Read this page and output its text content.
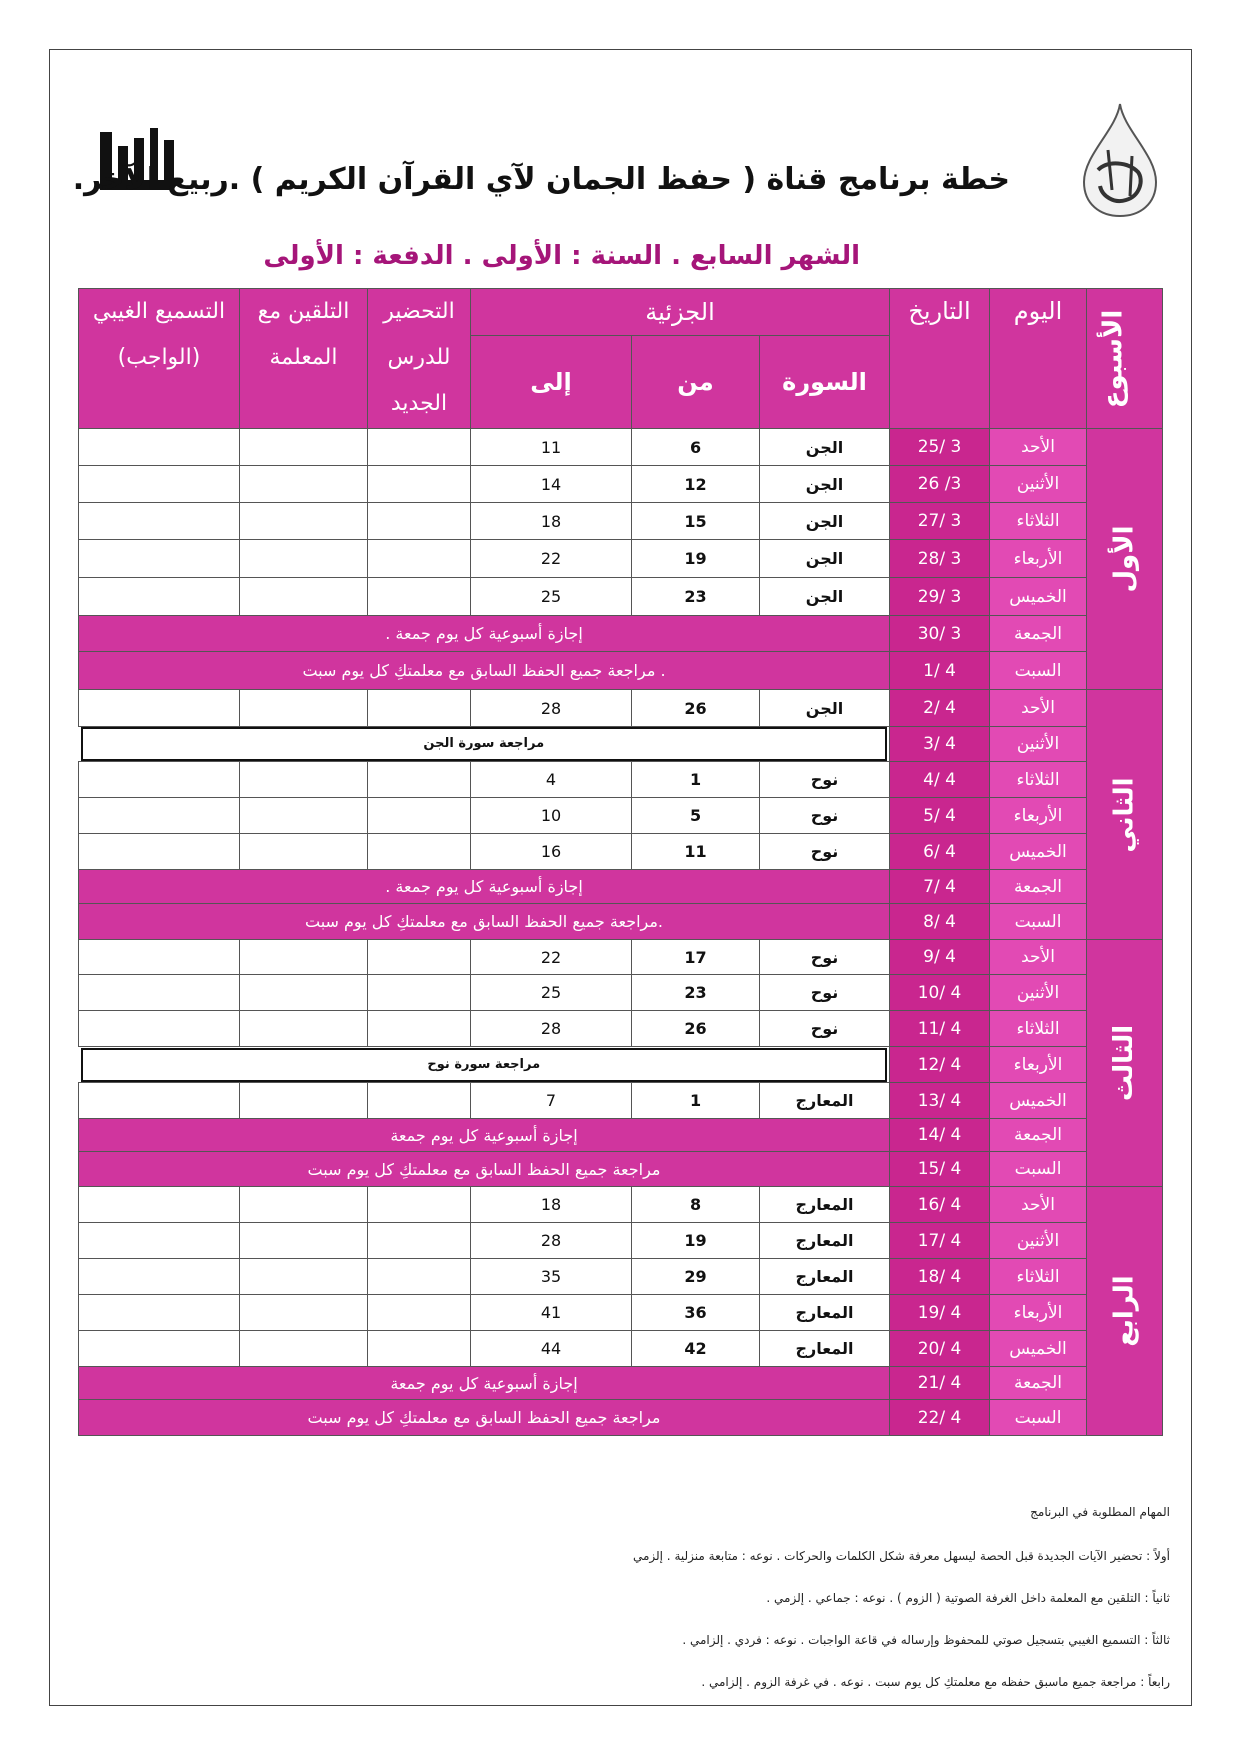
خطة برنامج قناة ( حفظ الجمان لآي القرآن الكريم ) .ربيع الآخر.
الشهر السابع . السنة : الأولى . الدفعة : الأولى
الأسبوع	اليوم	التاريخ	الجزئية			التحضير للدرس الجديد	التلقين مع المعلمة	التسميع الغيبي (الواجب)
			السورة	من	إلى			
الأول	الأحد	3 /25	الجن	6	11			
	الأثنين	3/ 26	الجن	12	14			
	الثلاثاء	3 /27	الجن	15	18			
	الأربعاء	3 /28	الجن	19	22			
	الخميس	3 /29	الجن	23	25			
	الجمعة	3 /30	إجازة أسبوعية كل يوم جمعة .					
	السبت	4 /1	. مراجعة جميع الحفظ السابق مع معلمتكِ كل يوم سبت					
الثاني	الأحد	4 /2	الجن	26	28			
	الأثنين	4 /3	مراجعة سورة الجن					

	الثلاثاء	4 /4	نوح	1	4			
	الأربعاء	4 /5	نوح	5	10			
	الخميس	4 /6	نوح	11	16			
	الجمعة	4 /7	إجازة أسبوعية كل يوم جمعة .					
	السبت	4 /8	.مراجعة جميع الحفظ السابق مع معلمتكِ كل يوم سبت					
الثالث	الأحد	4 /9	نوح	17	22			
	الأثنين	4 /10	نوح	23	25			
	الثلاثاء	4 /11	نوح	26	28			
	الأربعاء	4 /12	مراجعة سورة نوح					

	الخميس	4 /13	المعارج	1	7			
	الجمعة	4 /14	إجازة أسبوعية كل يوم جمعة					
	السبت	4 /15	مراجعة جميع الحفظ السابق مع معلمتكِ كل يوم سبت					
الرابع	الأحد	4 /16	المعارج	8	18			
	الأثنين	4 /17	المعارج	19	28			
	الثلاثاء	4 /18	المعارج	29	35			
	الأربعاء	4 /19	المعارج	36	41			
	الخميس	4 /20	المعارج	42	44			
	الجمعة	4 /21	إجازة أسبوعية كل يوم جمعة					
	السبت	4 /22	مراجعة جميع الحفظ السابق مع معلمتكِ كل يوم سبت					
المهام المطلوبة في البرنامج
أولاً : تحضير الآيات الجديدة قبل الحصة ليسهل معرفة شكل الكلمات والحركات . نوعه : متابعة منزلية . إلزمي
ثانياً : التلقين مع المعلمة داخل الغرفة الصوتية ( الزوم ) . نوعه : جماعي . إلزمي .
ثالثاً : التسميع الغيبي بتسجيل صوتي للمحفوظ وإرساله في قاعة الواجبات . نوعه : فردي . إلزامي .
رابعاً : مراجعة جميع ماسبق حفظه مع معلمتكِ كل يوم سبت . نوعه . في غرفة الزوم . إلزامي .
